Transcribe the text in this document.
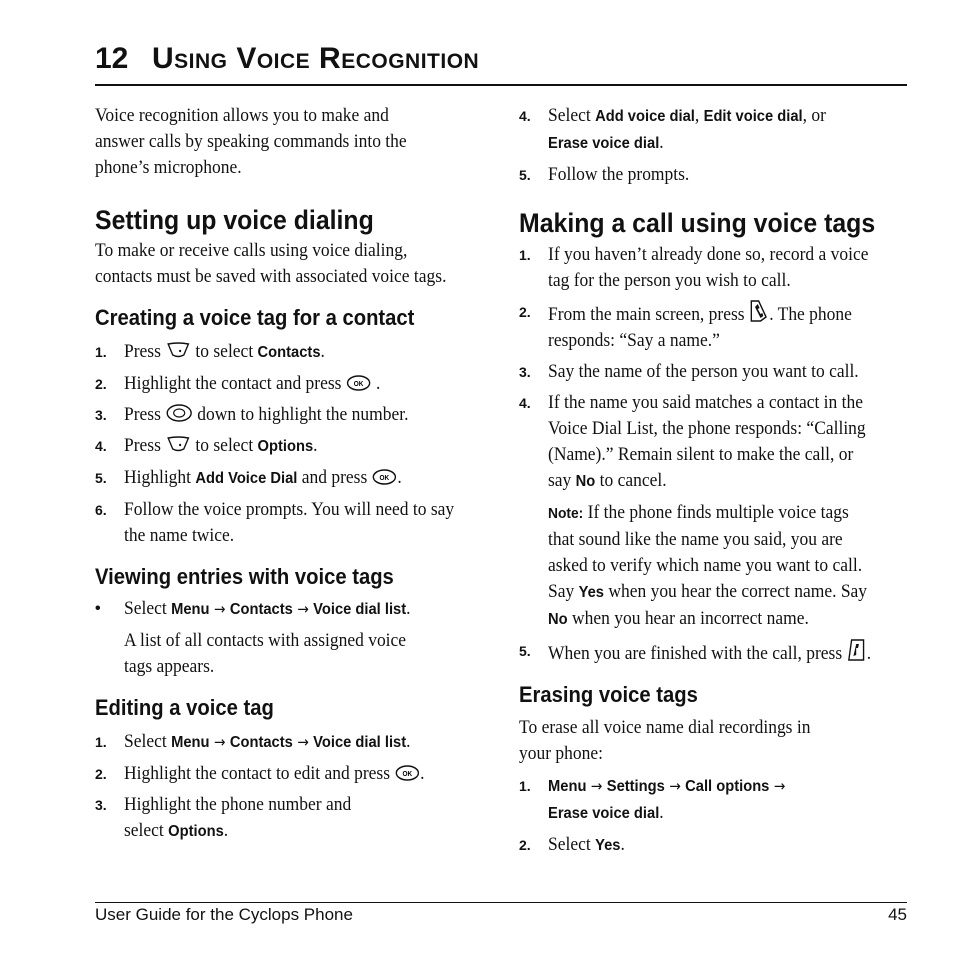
12 Using Voice Recognition

Voice recognition allows you to make and

answer calls by speaking commands into the

phone’s microphone.

Setting up voice dialing

To make or receive calls using voice dialing,

contacts must be saved with associated voice tags.

Creating a voice tag for a contact
1. Press to select Contacts.
2. Highlight the contact and press OK .
3. Press down to highlight the number.
4. Press to select Options.
5. Highlight Add Voice Dial and press OK .
6. Follow the voice prompts. You will need to say
the name twice.
Viewing entries with voice tags
• Select Menu → Contacts → Voice dial list.
A list of all contacts with assigned voice
tags appears.
Editing a voice tag
1. Select Menu → Contacts → Voice dial list.
2. Highlight the contact to edit and press OK .
3. Highlight the phone number and
select Options.
4. Select Add voice dial, Edit voice dial, or
Erase voice dial.
5. Follow the prompts.
Making a call using voice tags
1. If you haven’t already done so, record a voice
tag for the person you wish to call.
2. From the main screen, press . The phone
responds: “Say a name.”
3. Say the name of the person you want to call.
4. If the name you said matches a contact in the
Voice Dial List, the phone responds: “Calling
(Name).” Remain silent to make the call, or
say No to cancel.
Note: If the phone finds multiple voice tags
that sound like the name you said, you are
asked to verify which name you want to call.
Say Yes when you hear the correct name. Say
No when you hear an incorrect name.
5. When you are finished with the call, press .
Erasing voice tags

To erase all voice name dial recordings in

your phone:

1. Menu → Settings → Call options →
Erase voice dial.
2. Select Yes.
User Guide for the Cyclops Phone	45
